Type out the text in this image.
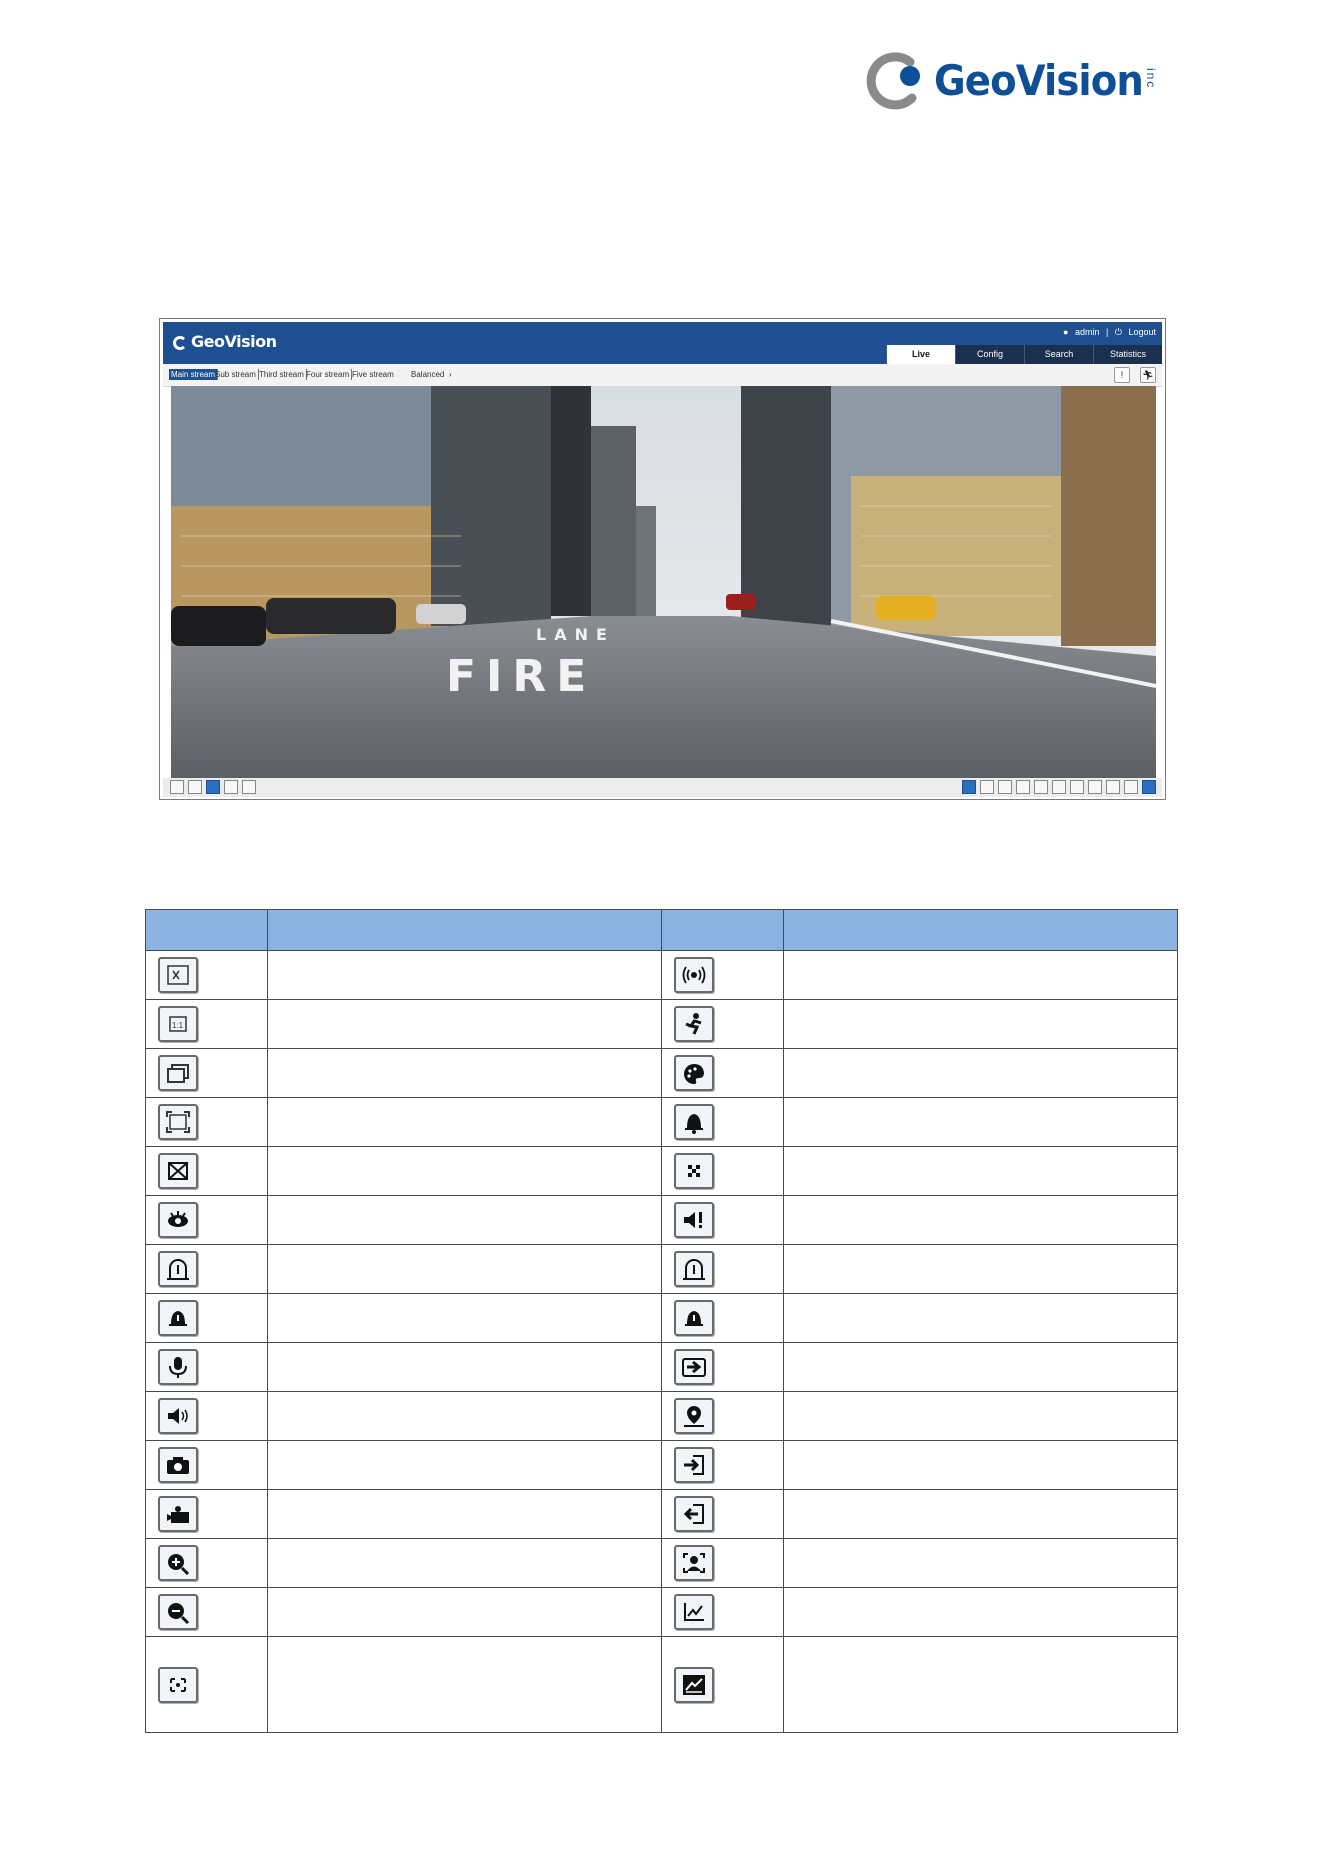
GeoVision inc
GeoVision	● admin | ⏻ Logout
Live	Config	Search	Statistics
Main stream Sub stream Third stream Four stream Five stream Balanced ›	!	🏃︎
LANE
FIRE

1:1
